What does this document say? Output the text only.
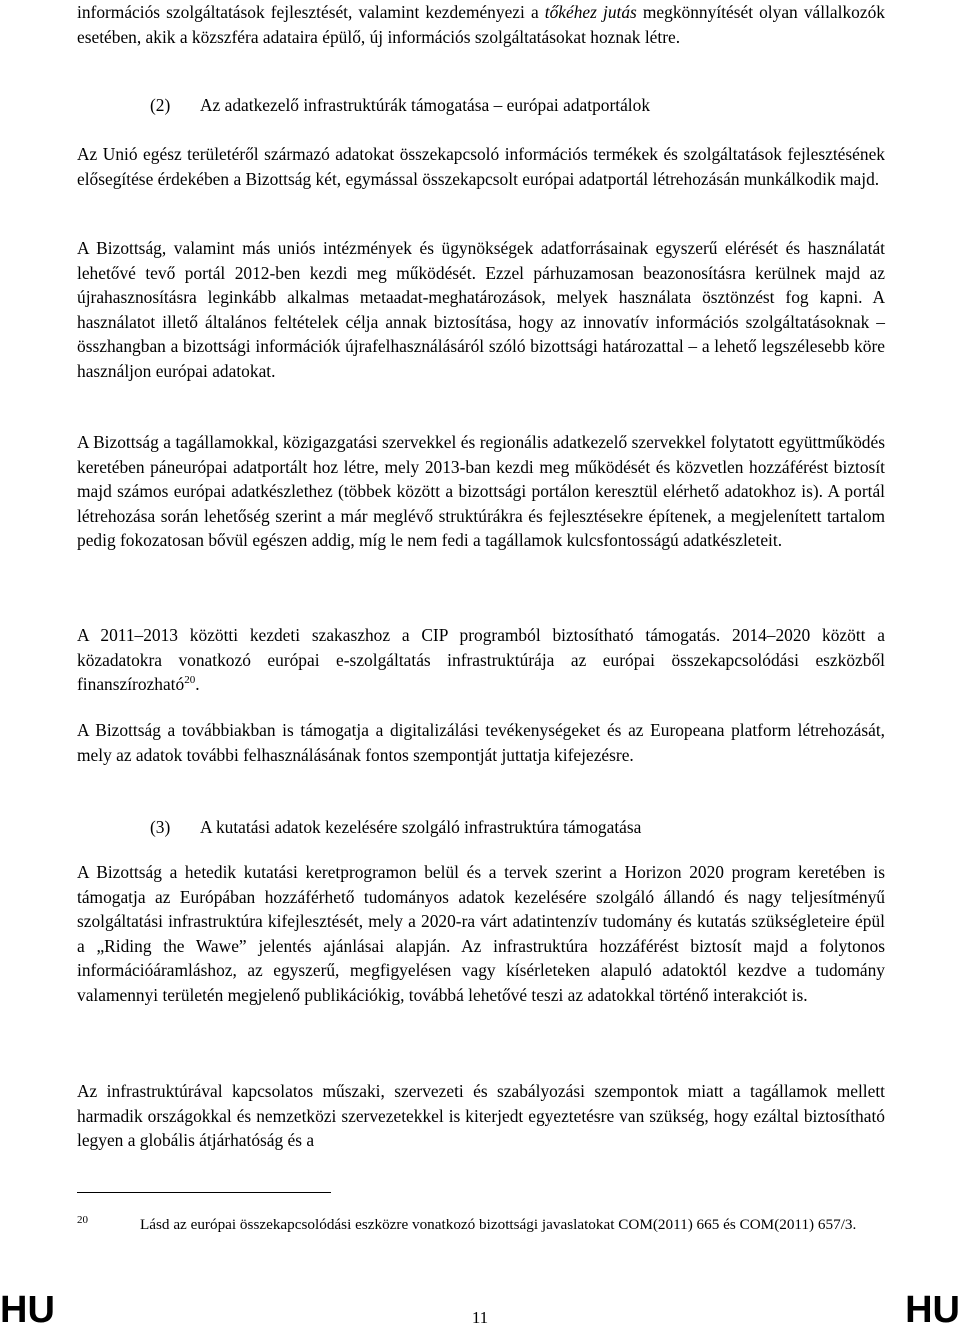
információs szolgáltatások fejlesztését, valamint kezdeményezi a tőkéhez jutás megkönnyítését olyan vállalkozók esetében, akik a közszféra adataira épülő, új információs szolgáltatásokat hoznak létre.

(2) Az adatkezelő infrastruktúrák támogatása – európai adatportálok

Az Unió egész területéről származó adatokat összekapcsoló információs termékek és szolgáltatások fejlesztésének elősegítése érdekében a Bizottság két, egymással összekapcsolt európai adatportál létrehozásán munkálkodik majd.

A Bizottság, valamint más uniós intézmények és ügynökségek adatforrásainak egyszerű elérését és használatát lehetővé tevő portál 2012-ben kezdi meg működését. Ezzel párhuzamosan beazonosításra kerülnek majd az újrahasznosításra leginkább alkalmas metaadat-meghatározások, melyek használata ösztönzést fog kapni. A használatot illető általános feltételek célja annak biztosítása, hogy az innovatív információs szolgáltatásoknak – összhangban a bizottsági információk újrafelhasználásáról szóló bizottsági határozattal – a lehető legszélesebb köre használjon európai adatokat.

A Bizottság a tagállamokkal, közigazgatási szervekkel és regionális adatkezelő szervekkel folytatott együttműködés keretében páneurópai adatportált hoz létre, mely 2013-ban kezdi meg működését és közvetlen hozzáférést biztosít majd számos európai adatkészlethez (többek között a bizottsági portálon keresztül elérhető adatokhoz is). A portál létrehozása során lehetőség szerint a már meglévő struktúrákra és fejlesztésekre építenek, a megjelenített tartalom pedig fokozatosan bővül egészen addig, míg le nem fedi a tagállamok kulcsfontosságú adatkészleteit.

A 2011–2013 közötti kezdeti szakaszhoz a CIP programból biztosítható támogatás. 2014–2020 között a közadatokra vonatkozó európai e-szolgáltatás infrastruktúrája az európai összekapcsolódási eszközből finanszírozható$^{20}$.

A Bizottság a továbbiakban is támogatja a digitalizálási tevékenységeket és az Europeana platform létrehozását, mely az adatok további felhasználásának fontos szempontját juttatja kifejezésre.

(3) A kutatási adatok kezelésére szolgáló infrastruktúra támogatása

A Bizottság a hetedik kutatási keretprogramon belül és a tervek szerint a Horizon 2020 program keretében is támogatja az Európában hozzáférhető tudományos adatok kezelésére szolgáló állandó és nagy teljesítményű szolgáltatási infrastruktúra kifejlesztését, mely a 2020-ra várt adatintenzív tudomány és kutatás szükségleteire épül a „Riding the Wawe” jelentés ajánlásai alapján. Az infrastruktúra hozzáférést biztosít majd a folytonos információáramláshoz, az egyszerű, megfigyelésen vagy kísérleteken alapuló adatoktól kezdve a tudomány valamennyi területén megjelenő publikációkig, továbbá lehetővé teszi az adatokkal történő interakciót is.

Az infrastruktúrával kapcsolatos műszaki, szervezeti és szabályozási szempontok miatt a tagállamok mellett harmadik országokkal és nemzetközi szervezetekkel is kiterjedt egyeztetésre van szükség, hogy ezáltal biztosítható legyen a globális átjárhatóság és a

20	Lásd az európai összekapcsolódási eszközre vonatkozó bizottsági javaslatokat COM(2011) 665 és COM(2011) 657/3.

HU	11	HU
